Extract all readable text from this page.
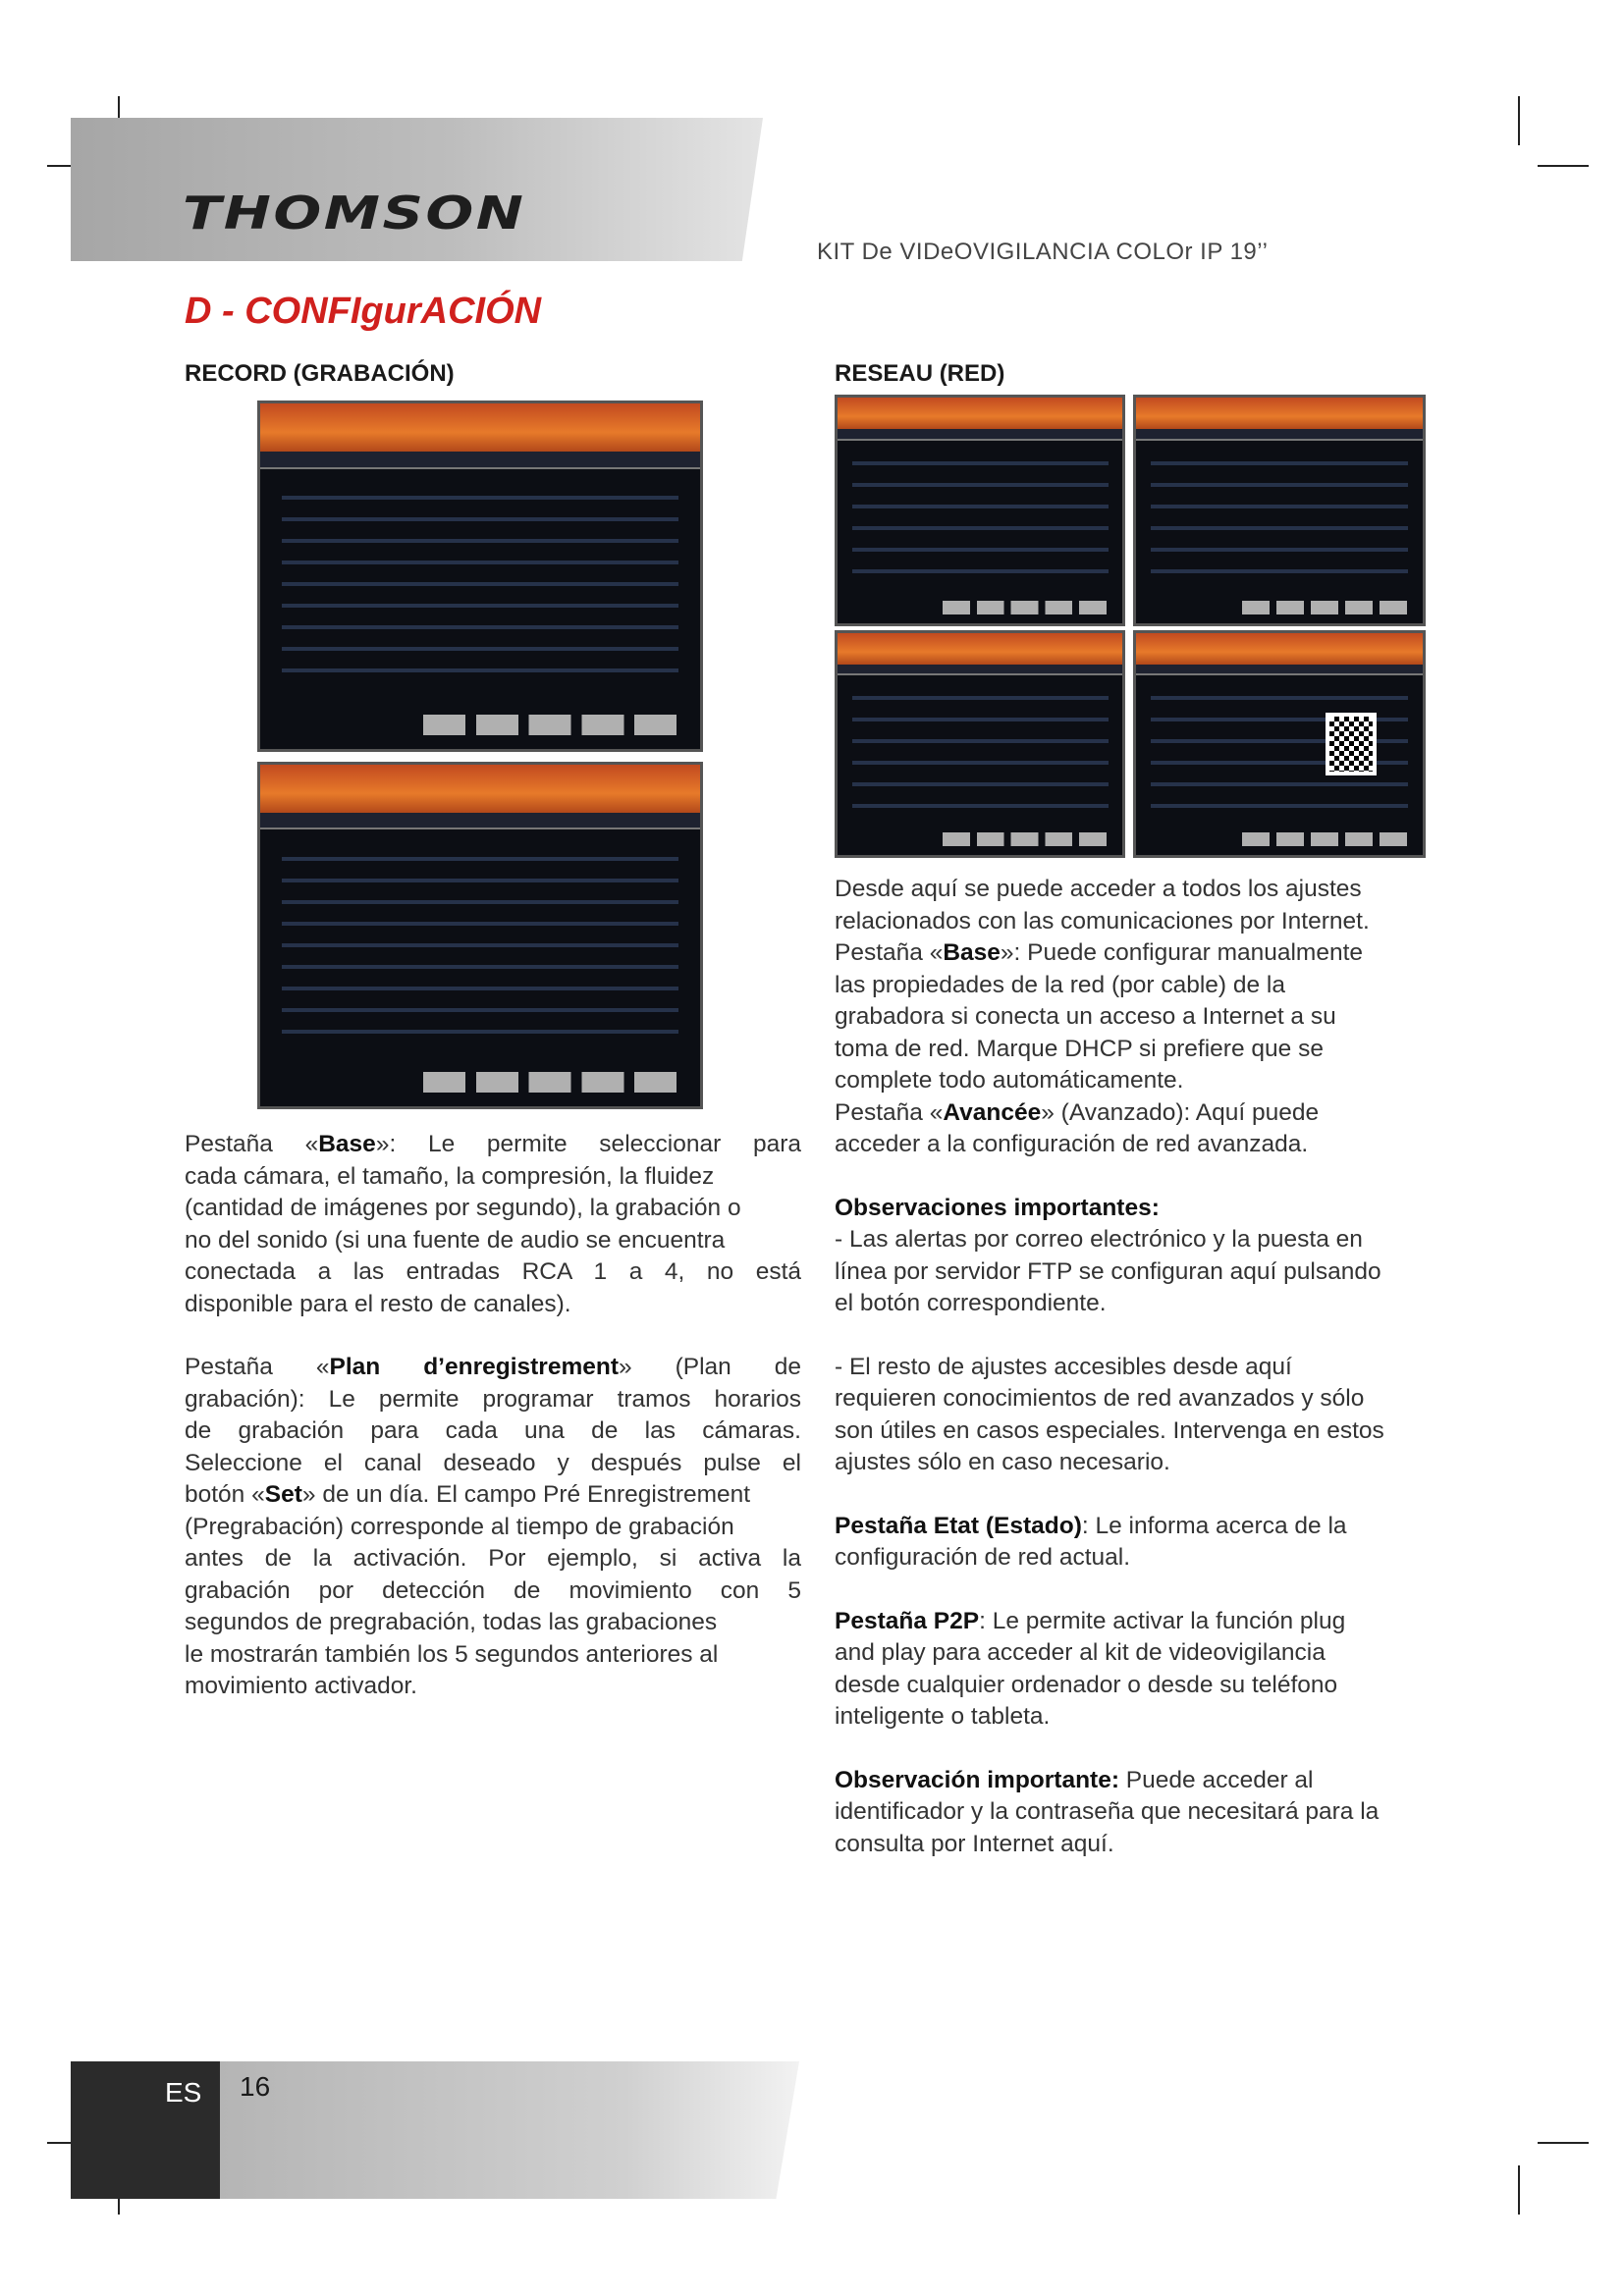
THOMSON
KIT De VIDeOVIGILANCIA COLOr IP 19’’
D - CONFIgurACIÓN
RECORD (GRABACIÓN)	RESEAU (RED)

Pestaña «Base»: Le permite seleccionar para

cada cámara, el tamaño, la compresión, la fluidez

(cantidad de imágenes por segundo), la grabación o

no del sonido (si una fuente de audio se encuentra

conectada a las entradas RCA 1 a 4, no está

disponible para el resto de canales).

Pestaña «Plan d’enregistrement» (Plan de

grabación): Le permite programar tramos horarios

de grabación para cada una de las cámaras.

Seleccione el canal deseado y después pulse el

botón «Set» de un día. El campo Pré Enregistrement

(Pregrabación) corresponde al tiempo de grabación

antes de la activación. Por ejemplo, si activa la

grabación por detección de movimiento con 5

segundos de pregrabación, todas las grabaciones

le mostrarán también los 5 segundos anteriores al

movimiento activador.

Desde aquí se puede acceder a todos los ajustes

relacionados con las comunicaciones por Internet.

Pestaña «Base»: Puede configurar manualmente

las propiedades de la red (por cable) de la

grabadora si conecta un acceso a Internet a su

toma de red. Marque DHCP si prefiere que se

complete todo automáticamente.

Pestaña «Avancée» (Avanzado): Aquí puede

acceder a la configuración de red avanzada.

Observaciones importantes:

- Las alertas por correo electrónico y la puesta en

línea por servidor FTP se configuran aquí pulsando

el botón correspondiente.

- El resto de ajustes accesibles desde aquí

requieren conocimientos de red avanzados y sólo

son útiles en casos especiales. Intervenga en estos

ajustes sólo en caso necesario.

Pestaña Etat (Estado): Le informa acerca de la

configuración de red actual.

Pestaña P2P: Le permite activar la función plug

and play para acceder al kit de videovigilancia

desde cualquier ordenador o desde su teléfono

inteligente o tableta.

Observación importante: Puede acceder al

identificador y la contraseña que necesitará para la

consulta por Internet aquí.

ES 16
